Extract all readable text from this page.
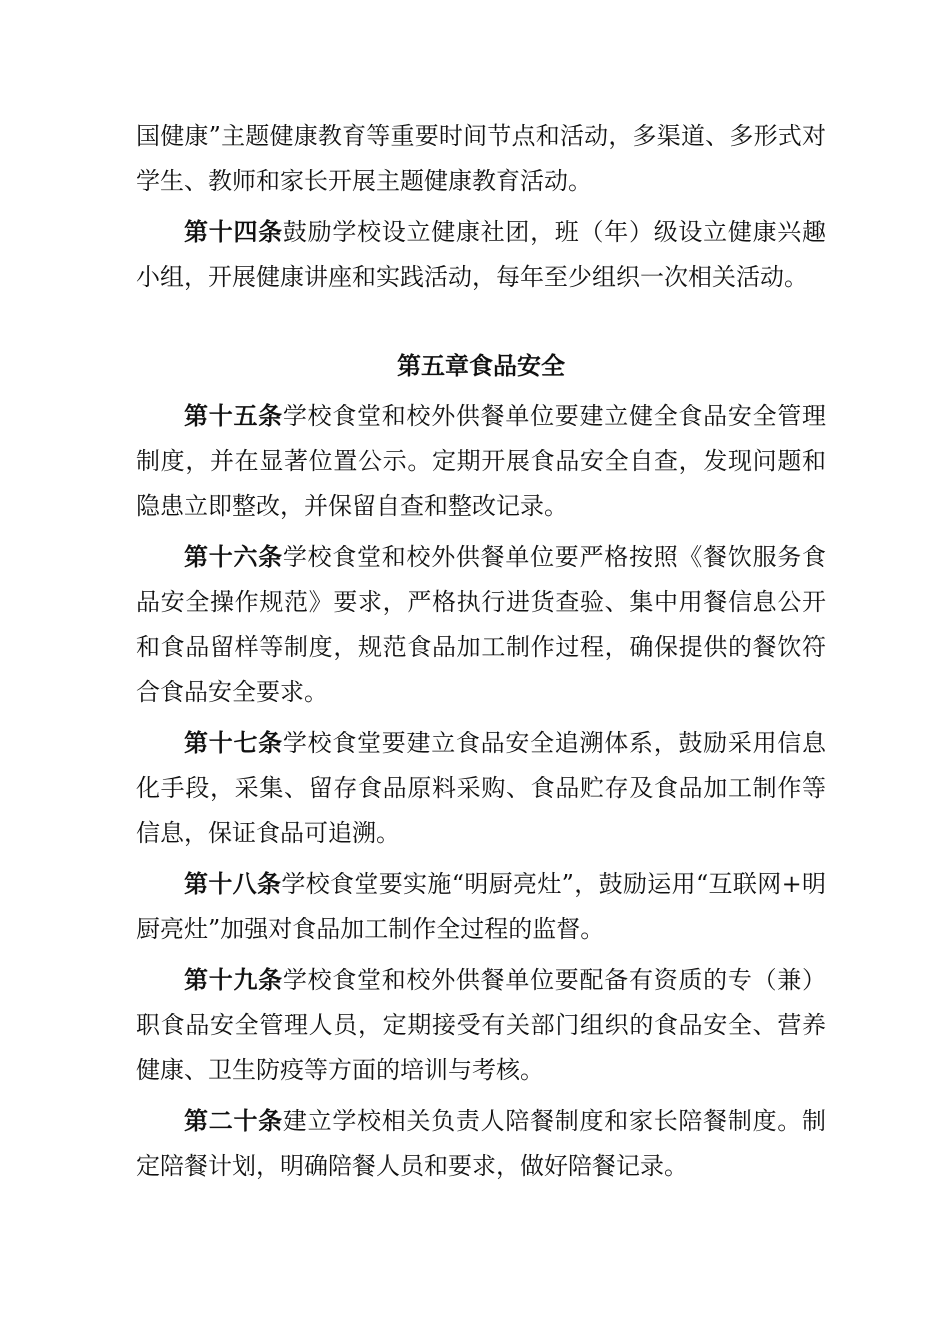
国健康”主题健康教育等重要时间节点和活动，多渠道、多形式对学生、教师和家长开展主题健康教育活动。

第十四条鼓励学校设立健康社团，班（年）级设立健康兴趣小组，开展健康讲座和实践活动，每年至少组织一次相关活动。

第五章食品安全

第十五条学校食堂和校外供餐单位要建立健全食品安全管理制度，并在显著位置公示。定期开展食品安全自查，发现问题和隐患立即整改，并保留自查和整改记录。

第十六条学校食堂和校外供餐单位要严格按照《餐饮服务食品安全操作规范》要求，严格执行进货查验、集中用餐信息公开和食品留样等制度，规范食品加工制作过程，确保提供的餐饮符合食品安全要求。

第十七条学校食堂要建立食品安全追溯体系，鼓励采用信息化手段，采集、留存食品原料采购、食品贮存及食品加工制作等信息，保证食品可追溯。

第十八条学校食堂要实施“明厨亮灶”，鼓励运用“互联网+明厨亮灶”加强对食品加工制作全过程的监督。

第十九条学校食堂和校外供餐单位要配备有资质的专（兼）职食品安全管理人员，定期接受有关部门组织的食品安全、营养健康、卫生防疫等方面的培训与考核。

第二十条建立学校相关负责人陪餐制度和家长陪餐制度。制定陪餐计划，明确陪餐人员和要求，做好陪餐记录。
